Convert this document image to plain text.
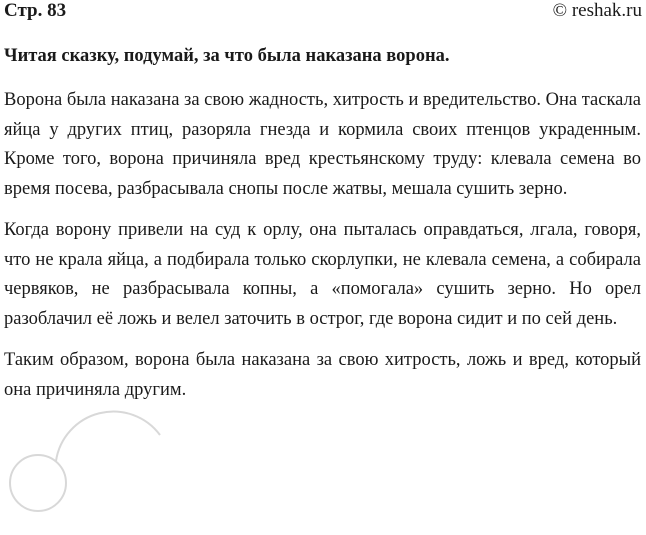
Стр. 83	© reshak.ru
Читая сказку, подумай, за что была наказана ворона.

Ворона была наказана за свою жадность, хитрость и вредительство. Она таскала яйца у других птиц, разоряла гнезда и кормила своих птенцов украденным. Кроме того, ворона причиняла вред крестьянскому труду: клевала семена во время посева, разбрасывала снопы после жатвы, мешала сушить зерно.

Когда ворону привели на суд к орлу, она пыталась оправдаться, лгала, говоря, что не крала яйца, а подбирала только скорлупки, не клевала семена, а собирала червяков, не разбрасывала копны, а «помогала» сушить зерно. Но орел разоблачил её ложь и велел заточить в острог, где ворона сидит и по сей день.

Таким образом, ворона была наказана за свою хитрость, ложь и вред, который она причиняла другим.
